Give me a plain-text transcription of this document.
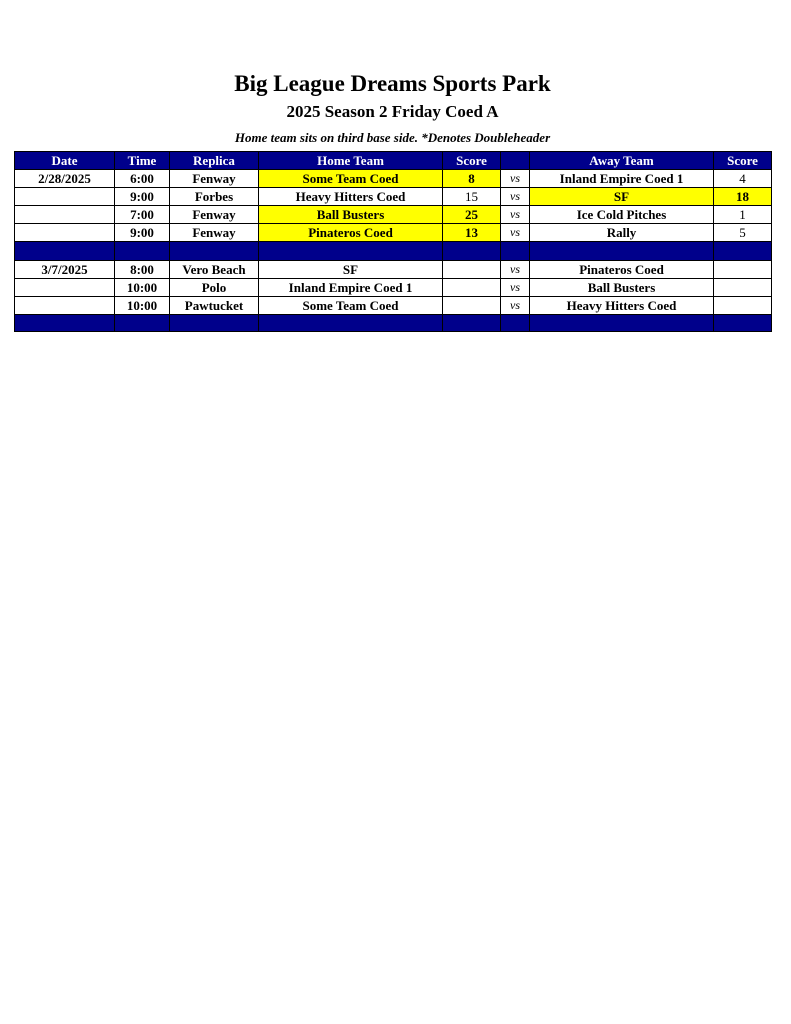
Big League Dreams Sports Park
2025 Season 2 Friday Coed A
Home team sits on third base side. *Denotes Doubleheader
Date	Time	Replica	Home Team	Score		Away Team	Score
2/28/2025	6:00	Fenway	Some Team Coed	8	vs	Inland Empire Coed 1	4
	9:00	Forbes	Heavy Hitters Coed	15	vs	SF	18
	7:00	Fenway	Ball Busters	25	vs	Ice Cold Pitches	1
	9:00	Fenway	Pinateros Coed	13	vs	Rally	5

3/7/2025	8:00	Vero Beach	SF		vs	Pinateros Coed	
	10:00	Polo	Inland Empire Coed 1		vs	Ball Busters	
	10:00	Pawtucket	Some Team Coed		vs	Heavy Hitters Coed	
